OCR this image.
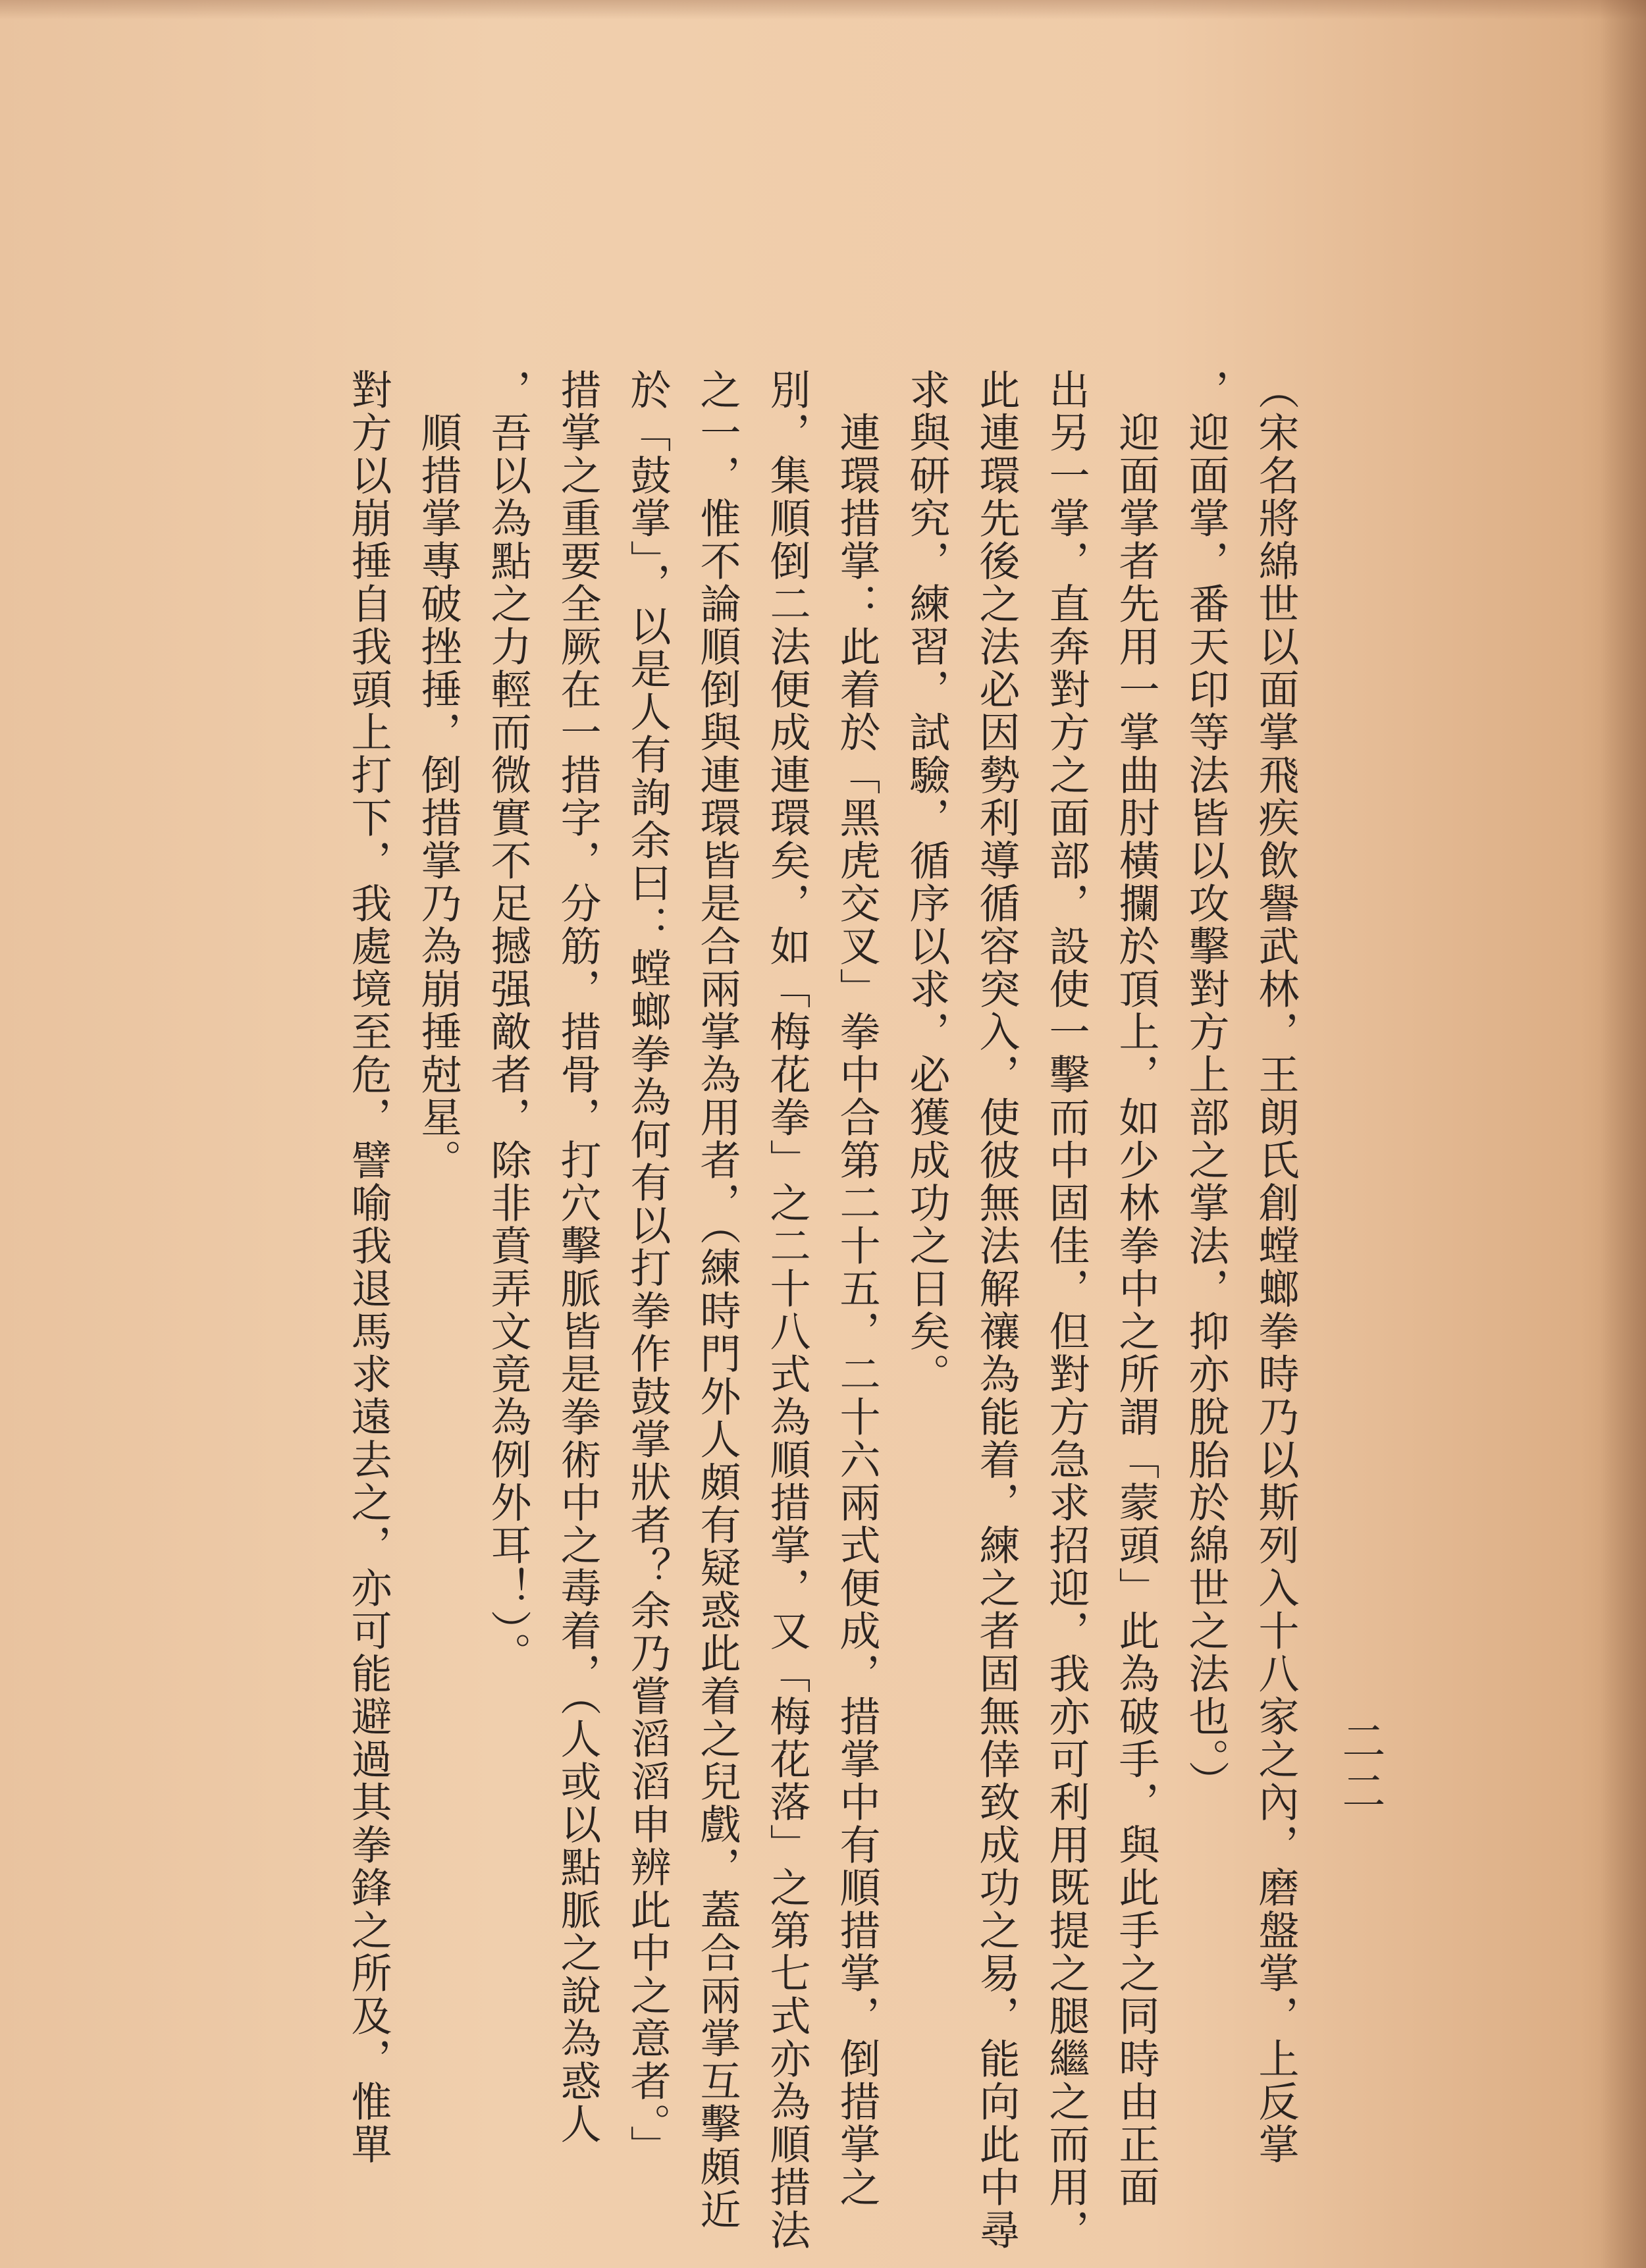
二二

（宋名將綿世以面掌飛疾飲譽武林，王朗氏創螳螂拳時乃以斯列入十八家之內，磨盤掌，上反掌

，迎面掌，番天印等法皆以攻擊對方上部之掌法，抑亦脫胎於綿世之法也。）

　迎面掌者先用一掌曲肘橫攔於頂上，如少林拳中之所謂「蒙頭」此為破手，與此手之同時由正面

出另一掌，直奔對方之面部，設使一擊而中固佳，但對方急求招迎，我亦可利用既提之腿繼之而用，

此連環先後之法必因勢利導循容突入，使彼無法解禳為能着，練之者固無倖致成功之易，能向此中尋

求與研究，練習，試驗，循序以求，必獲成功之日矣。

　連環措掌：此着於「黑虎交叉」拳中合第二十五，二十六兩式便成，措掌中有順措掌，倒措掌之

別，集順倒二法便成連環矣，如「梅花拳」之二十八式為順措掌，又「梅花落」之第七式亦為順措法

之一，惟不論順倒與連環皆是合兩掌為用者，（練時門外人頗有疑惑此着之兒戲，蓋合兩掌互擊頗近

於「鼓掌」，以是人有詢余曰：螳螂拳為何有以打拳作鼓掌狀者？余乃嘗滔滔申辨此中之意者。」

措掌之重要全厥在一措字，分筋，措骨，打穴擊脈皆是拳術中之毒着，（人或以點脈之說為惑人

，吾以為點之力輕而微實不足撼强敵者，除非賁弄文竟為例外耳！）。

　順措掌專破挫捶，倒措掌乃為崩捶尅星。

對方以崩捶自我頭上打下，我處境至危，譬喻我退馬求遠去之，亦可能避過其拳鋒之所及，惟單
